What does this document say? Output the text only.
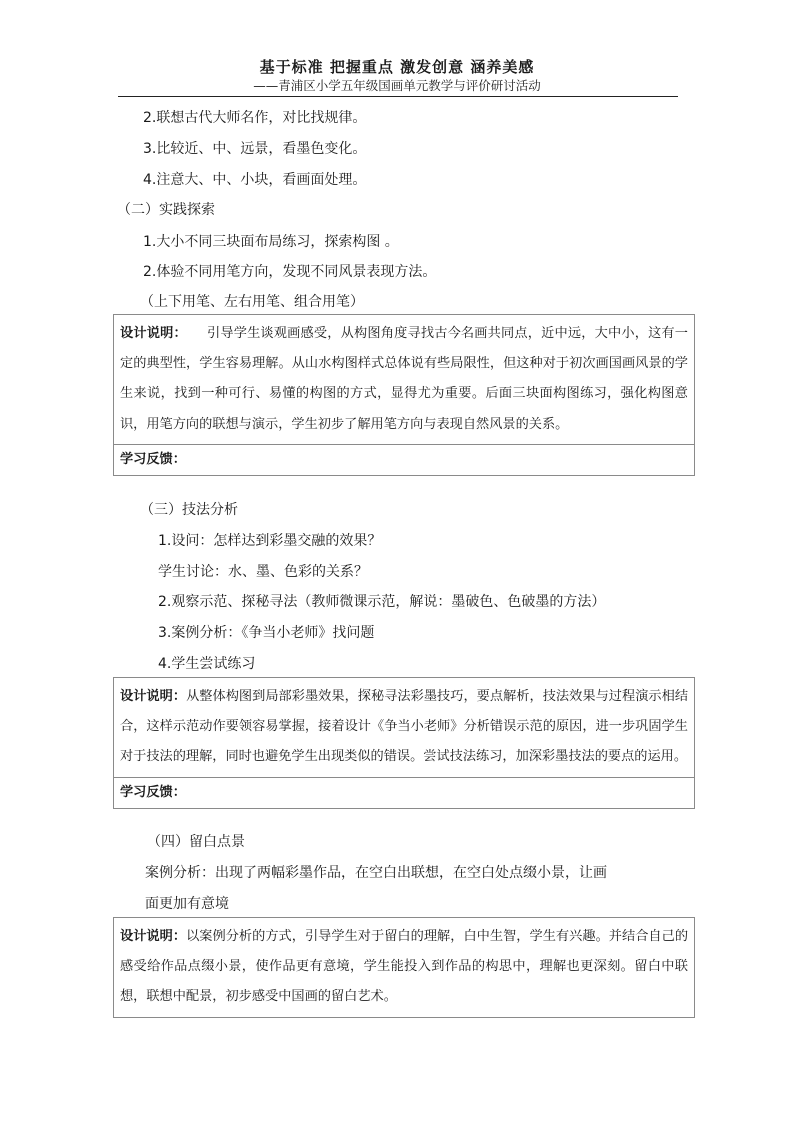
基于标准 把握重点 激发创意 涵养美感
——青浦区小学五年级国画单元教学与评价研讨活动
2.联想古代大师名作，对比找规律。
3.比较近、中、远景，看墨色变化。
4.注意大、中、小块，看画面处理。
（二）实践探索
1.大小不同三块面布局练习，探索构图 。
2.体验不同用笔方向，发现不同风景表现方法。
（上下用笔、左右用笔、组合用笔）
设计说明：　　引导学生谈观画感受，从构图角度寻找古今名画共同点，近中远，大中小，这有一定的典型性，学生容易理解。从山水构图样式总体说有些局限性，但这种对于初次画国画风景的学生来说，找到一种可行、易懂的构图的方式，显得尤为重要。后面三块面构图练习，强化构图意识，用笔方向的联想与演示，学生初步了解用笔方向与表现自然风景的关系。
学习反馈：
（三）技法分析
1.设问：怎样达到彩墨交融的效果？
学生讨论：水、墨、色彩的关系？
2.观察示范、探秘寻法（教师微课示范，解说：墨破色、色破墨的方法）
3.案例分析：《争当小老师》找问题
4.学生尝试练习
设计说明：从整体构图到局部彩墨效果，探秘寻法彩墨技巧，要点解析，技法效果与过程演示相结合，这样示范动作要领容易掌握，接着设计《争当小老师》分析错误示范的原因，进一步巩固学生对于技法的理解，同时也避免学生出现类似的错误。尝试技法练习，加深彩墨技法的要点的运用。
学习反馈：
（四）留白点景
案例分析：出现了两幅彩墨作品，在空白出联想，在空白处点缀小景，让画
面更加有意境
设计说明：以案例分析的方式，引导学生对于留白的理解，白中生智，学生有兴趣。并结合自己的感受给作品点缀小景，使作品更有意境，学生能投入到作品的构思中，理解也更深刻。留白中联想，联想中配景，初步感受中国画的留白艺术。
